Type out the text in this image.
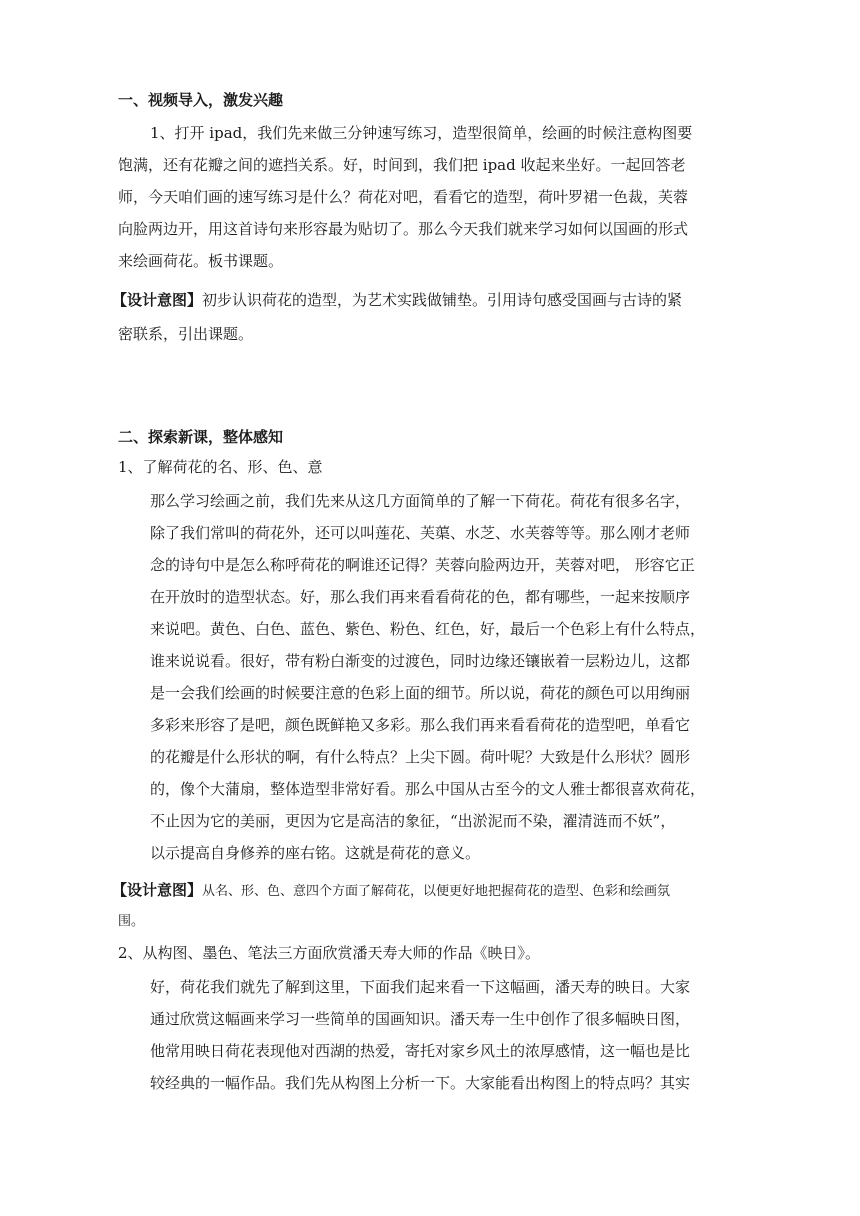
一、视频导入，激发兴趣
1、打开 ipad，我们先来做三分钟速写练习，造型很简单，绘画的时候注意构图要
饱满，还有花瓣之间的遮挡关系。好，时间到，我们把 ipad 收起来坐好。一起回答老
师，今天咱们画的速写练习是什么？荷花对吧，看看它的造型，荷叶罗裙一色裁，芙蓉
向脸两边开，用这首诗句来形容最为贴切了。那么今天我们就来学习如何以国画的形式
来绘画荷花。板书课题。
【设计意图】初步认识荷花的造型，为艺术实践做铺垫。引用诗句感受国画与古诗的紧
密联系，引出课题。
二、探索新课，整体感知
1、了解荷花的名、形、色、意
那么学习绘画之前，我们先来从这几方面简单的了解一下荷花。荷花有很多名字，
除了我们常叫的荷花外，还可以叫莲花、芙蕖、水芝、水芙蓉等等。那么刚才老师
念的诗句中是怎么称呼荷花的啊谁还记得？芙蓉向脸两边开，芙蓉对吧， 形容它正
在开放时的造型状态。好，那么我们再来看看荷花的色，都有哪些，一起来按顺序
来说吧。黄色、白色、蓝色、紫色、粉色、红色，好，最后一个色彩上有什么特点，
谁来说说看。很好，带有粉白渐变的过渡色，同时边缘还镶嵌着一层粉边儿，这都
是一会我们绘画的时候要注意的色彩上面的细节。所以说，荷花的颜色可以用绚丽
多彩来形容了是吧，颜色既鲜艳又多彩。那么我们再来看看荷花的造型吧，单看它
的花瓣是什么形状的啊，有什么特点？上尖下圆。荷叶呢？大致是什么形状？圆形
的，像个大蒲扇，整体造型非常好看。那么中国从古至今的文人雅士都很喜欢荷花，
不止因为它的美丽，更因为它是高洁的象征，“出淤泥而不染，濯清涟而不妖”，
以示提高自身修养的座右铭。这就是荷花的意义。
【设计意图】从名、形、色、意四个方面了解荷花，以便更好地把握荷花的造型、色彩和绘画氛
围。
2、从构图、墨色、笔法三方面欣赏潘天寿大师的作品《映日》。
好，荷花我们就先了解到这里，下面我们起来看一下这幅画，潘天寿的映日。大家
通过欣赏这幅画来学习一些简单的国画知识。潘天寿一生中创作了很多幅映日图，
他常用映日荷花表现他对西湖的热爱，寄托对家乡风土的浓厚感情，这一幅也是比
较经典的一幅作品。我们先从构图上分析一下。大家能看出构图上的特点吗？其实
